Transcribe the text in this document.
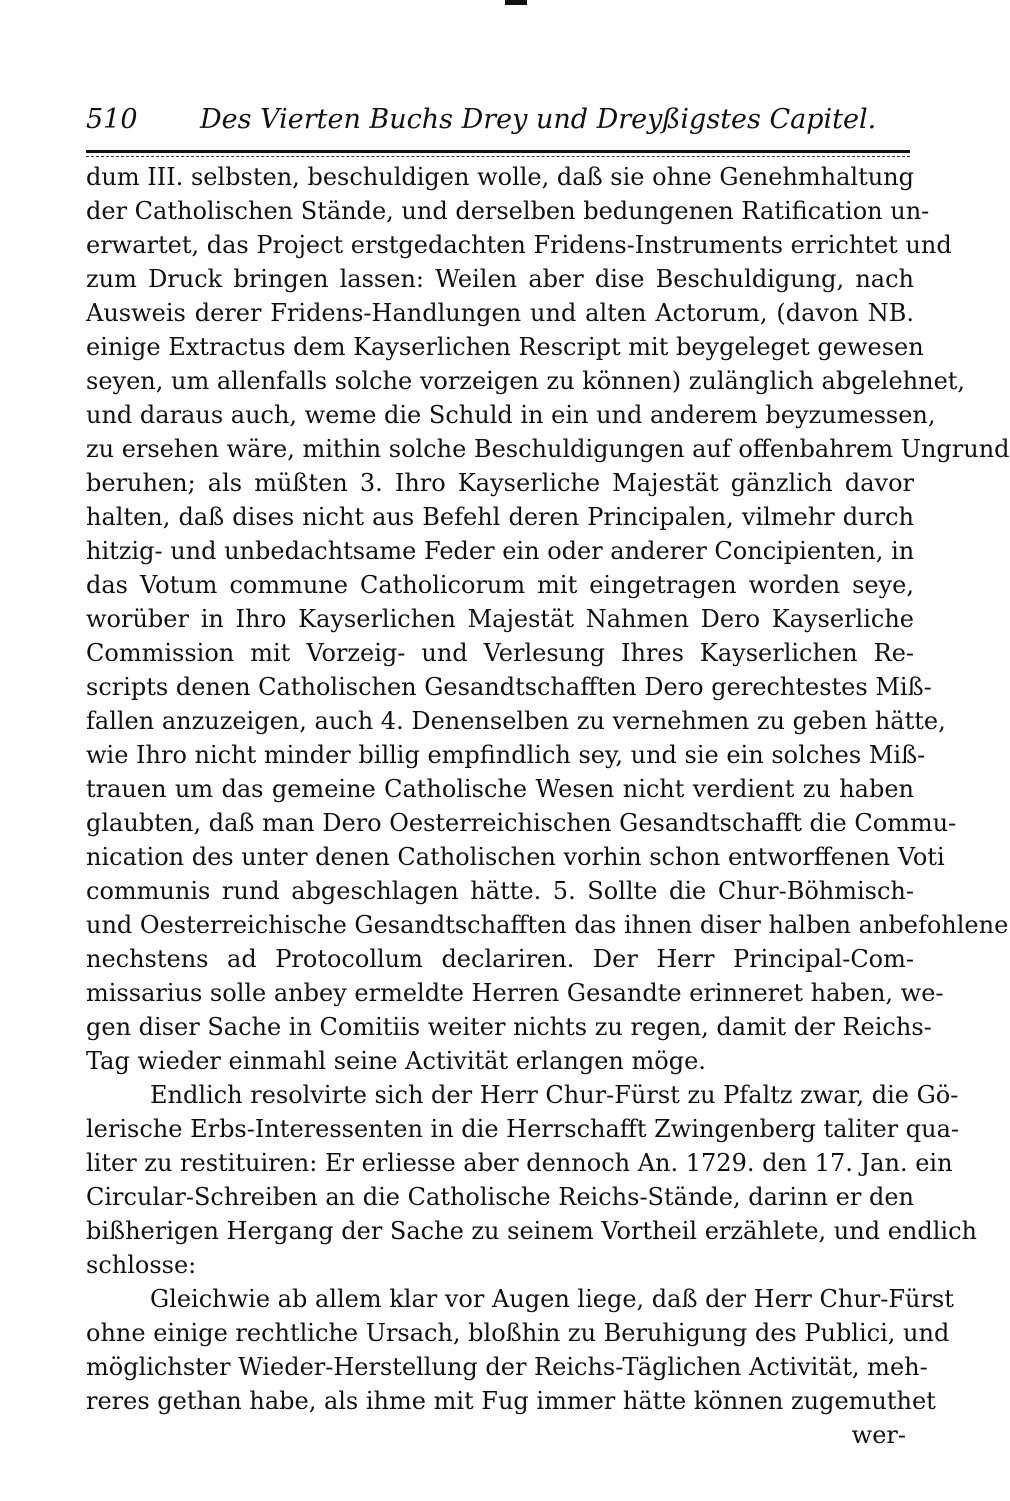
510 Des Vierten Buchs Drey und Dreyßigstes Capitel.
dum III. selbsten, beschuldigen wolle, daß sie ohne Genehmhaltung
der Catholischen Stände, und derselben bedungenen Ratification un-
erwartet, das Project erstgedachten Fridens-Instruments errichtet und
zum Druck bringen lassen: Weilen aber dise Beschuldigung, nach
Ausweis derer Fridens-Handlungen und alten Actorum, (davon NB.
einige Extractus dem Kayserlichen Rescript mit beygeleget gewesen
seyen, um allenfalls solche vorzeigen zu können) zulänglich abgelehnet,
und daraus auch, weme die Schuld in ein und anderem beyzumessen,
zu ersehen wäre, mithin solche Beschuldigungen auf offenbahrem Ungrund
beruhen; als müßten 3. Ihro Kayserliche Majestät gänzlich davor
halten, daß dises nicht aus Befehl deren Principalen, vilmehr durch
hitzig- und unbedachtsame Feder ein oder anderer Concipienten, in
das Votum commune Catholicorum mit eingetragen worden seye,
worüber in Ihro Kayserlichen Majestät Nahmen Dero Kayserliche
Commission mit Vorzeig- und Verlesung Ihres Kayserlichen Re-
scripts denen Catholischen Gesandtschafften Dero gerechtestes Miß-
fallen anzuzeigen, auch 4. Denenselben zu vernehmen zu geben hätte,
wie Ihro nicht minder billig empfindlich sey, und sie ein solches Miß-
trauen um das gemeine Catholische Wesen nicht verdient zu haben
glaubten, daß man Dero Oesterreichischen Gesandtschafft die Commu-
nication des unter denen Catholischen vorhin schon entworffenen Voti
communis rund abgeschlagen hätte. 5. Sollte die Chur-Böhmisch-
und Oesterreichische Gesandtschafften das ihnen diser halben anbefohlene
nechstens ad Protocollum declariren. Der Herr Principal-Com-
missarius solle anbey ermeldte Herren Gesandte erinneret haben, we-
gen diser Sache in Comitiis weiter nichts zu regen, damit der Reichs-
Tag wieder einmahl seine Activität erlangen möge.
Endlich resolvirte sich der Herr Chur-Fürst zu Pfaltz zwar, die Gö-
lerische Erbs-Interessenten in die Herrschafft Zwingenberg taliter qua-
liter zu restituiren: Er erliesse aber dennoch An. 1729. den 17. Jan. ein
Circular-Schreiben an die Catholische Reichs-Stände, darinn er den
bißherigen Hergang der Sache zu seinem Vortheil erzählete, und endlich
schlosse:
Gleichwie ab allem klar vor Augen liege, daß der Herr Chur-Fürst
ohne einige rechtliche Ursach, bloßhin zu Beruhigung des Publici, und
möglichster Wieder-Herstellung der Reichs-Täglichen Activität, meh-
reres gethan habe, als ihme mit Fug immer hätte können zugemuthet
wer-
